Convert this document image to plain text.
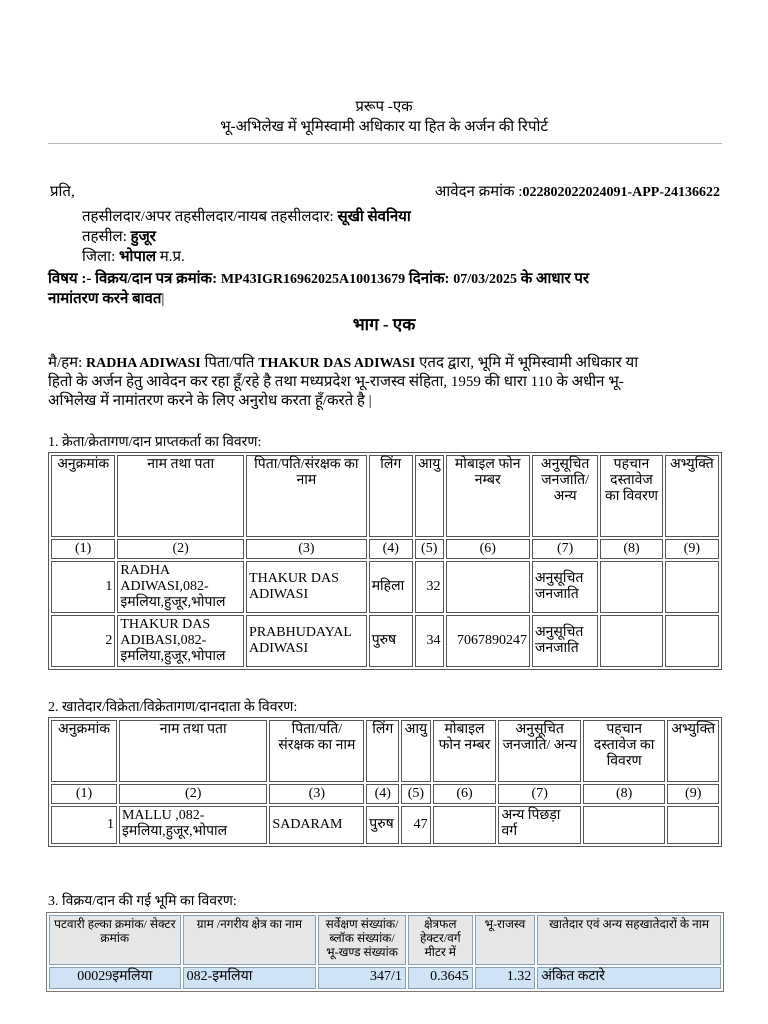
प्ररूप -एक
भू-अभिलेख में भूमिस्वामी अधिकार या हित के अर्जन की रिपोर्ट
प्रति,	आवेदन क्रमांक :022802022024091-APP-24136622
तहसीलदार/अपर तहसीलदार/नायब तहसीलदार: सूखी सेवनिया
तहसील: हुजूर
जिला: भोपाल म.प्र.
विषय :- विक्रय/दान पत्र क्रमांक: MP43IGR16962025A10013679 दिनांक: 07/03/2025 के आधार पर
नामांतरण करने बावत|
भाग - एक
मै/हम: RADHA ADIWASI पिता/पति THAKUR DAS ADIWASI एतद द्वारा, भूमि में भूमिस्वामी अधिकार या
हितो के अर्जन हेतु आवेदन कर रहा हूँ/रहे है तथा मध्यप्रदेश भू-राजस्व संहिता, 1959 की धारा 110 के अधीन भू-
अभिलेख में नामांतरण करने के लिए अनुरोध करता हूँ/करते है |
1. क्रेता/क्रेतागण/दान प्राप्तकर्ता का विवरण:
अनुक्रमांक	नाम तथा पता	पिता/पति/संरक्षक का नाम	लिंग	आयु	मोबाइल फोन नम्बर	अनुसूचित जनजाति/ अन्य	पहचान दस्तावेज का विवरण	अभ्युक्ति
(1)	(2)	(3)	(4)	(5)	(6)	(7)	(8)	(9)
1	RADHA ADIWASI,082-इमलिया,हुजूर,भोपाल	THAKUR DAS ADIWASI	महिला	32		अनुसूचित जनजाति		
2	THAKUR DAS ADIBASI,082-इमलिया,हुजूर,भोपाल	PRABHUDAYAL ADIWASI	पुरुष	34	7067890247	अनुसूचित जनजाति		
2. खातेदार/विक्रेता/विक्रेतागण/दानदाता के विवरण:
अनुक्रमांक	नाम तथा पता	पिता/पति/ संरक्षक का नाम	लिंग	आयु	मोबाइल फोन नम्बर	अनुसूचित जनजाति/ अन्य	पहचान दस्तावेज का विवरण	अभ्युक्ति
(1)	(2)	(3)	(4)	(5)	(6)	(7)	(8)	(9)
1	MALLU ,082-इमलिया,हुजूर,भोपाल	SADARAM	पुरुष	47		अन्य पिछड़ा वर्ग		
3. विक्रय/दान की गई भूमि का विवरण:
पटवारी हल्का क्रमांक/ सेक्टर क्रमांक	ग्राम /नगरीय क्षेत्र का नाम	सर्वेक्षण संख्यांक/ ब्लॉक संख्यांक/ भू-खण्ड संख्यांक	क्षेत्रफल हेक्टर/वर्ग मीटर में	भू-राजस्व	खातेदार एवं अन्य सहखातेदारों के नाम
00029इमलिया	082-इमलिया	347/1	0.3645	1.32	अंकित कटारे
